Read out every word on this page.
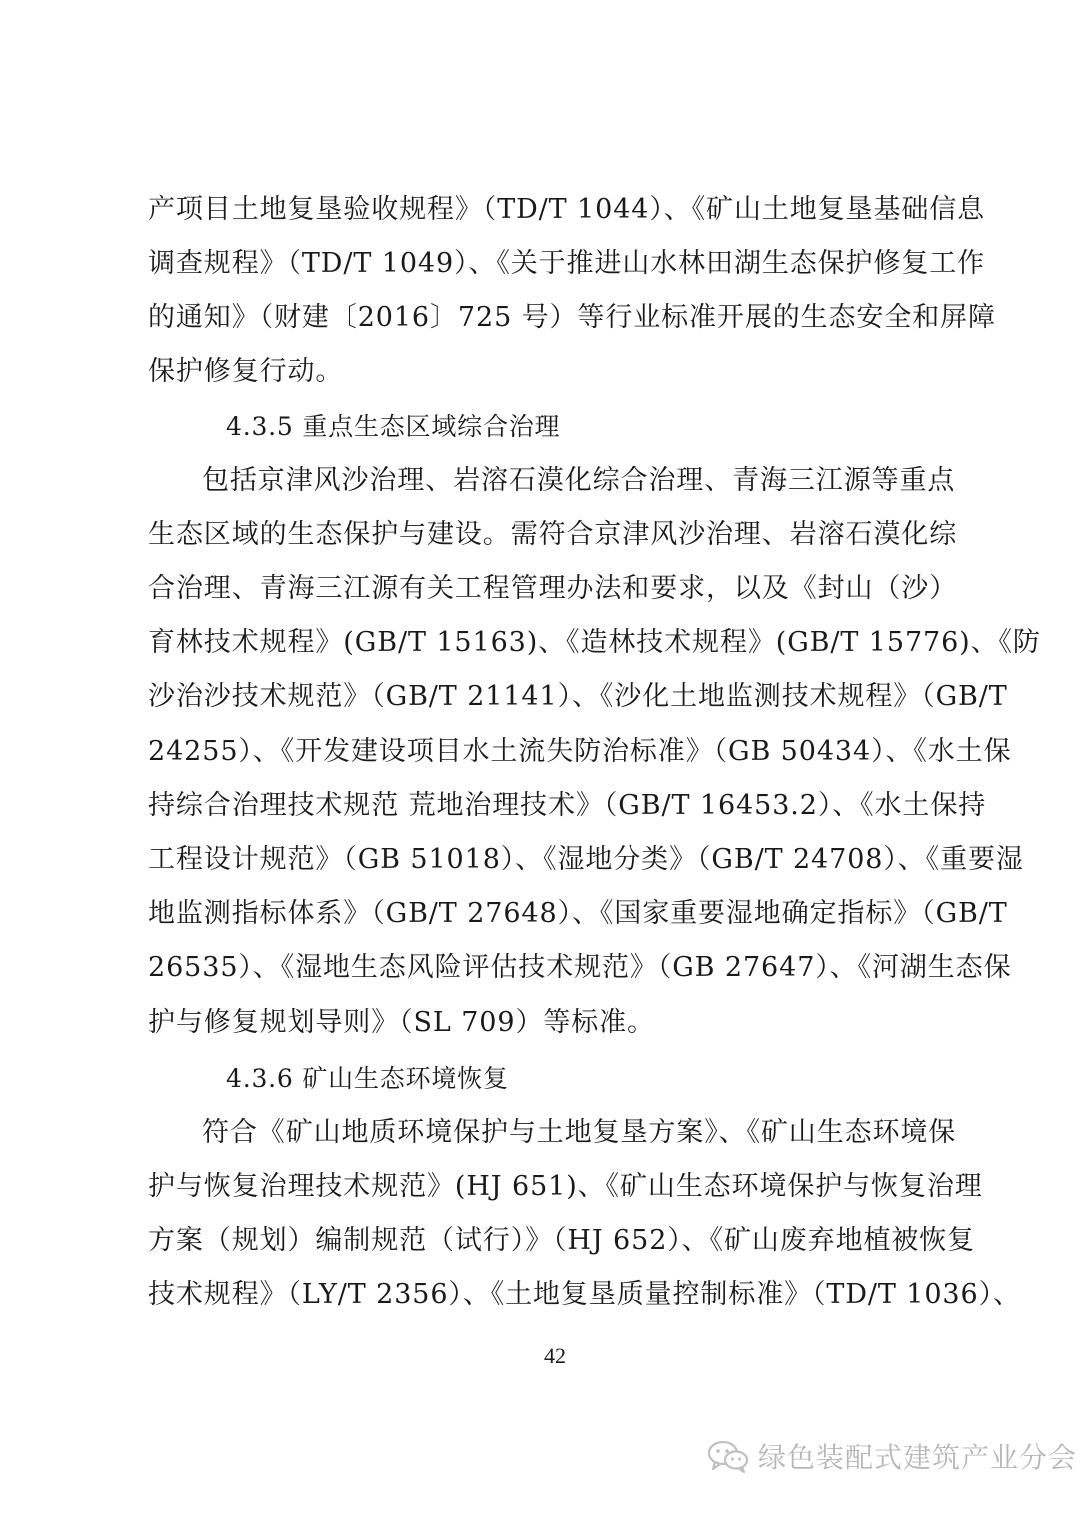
产项目土地复垦验收规程》（TD/T 1044）、《矿山土地复垦基础信息
调查规程》（TD/T 1049）、《关于推进山水林田湖生态保护修复工作
的通知》（财建〔2016〕725 号）等行业标准开展的生态安全和屏障
保护修复行动。
4.3.5 重点生态区域综合治理
包括京津风沙治理、岩溶石漠化综合治理、青海三江源等重点
生态区域的生态保护与建设。需符合京津风沙治理、岩溶石漠化综
合治理、青海三江源有关工程管理办法和要求，以及《封山（沙）
育林技术规程》(GB/T 15163)、《造林技术规程》(GB/T 15776)、《防
沙治沙技术规范》（GB/T 21141）、《沙化土地监测技术规程》（GB/T
24255）、《开发建设项目水土流失防治标准》（GB 50434）、《水土保
持综合治理技术规范 荒地治理技术》（GB/T 16453.2）、《水土保持
工程设计规范》（GB 51018）、《湿地分类》（GB/T 24708）、《重要湿
地监测指标体系》（GB/T 27648）、《国家重要湿地确定指标》（GB/T
26535）、《湿地生态风险评估技术规范》（GB 27647）、《河湖生态保
护与修复规划导则》（SL 709）等标准。
4.3.6 矿山生态环境恢复
符合《矿山地质环境保护与土地复垦方案》、《矿山生态环境保
护与恢复治理技术规范》(HJ 651)、《矿山生态环境保护与恢复治理
方案（规划）编制规范（试行）》（HJ 652）、《矿山废弃地植被恢复
技术规程》（LY/T 2356）、《土地复垦质量控制标准》（TD/T 1036）、
42
绿色装配式建筑产业分会
